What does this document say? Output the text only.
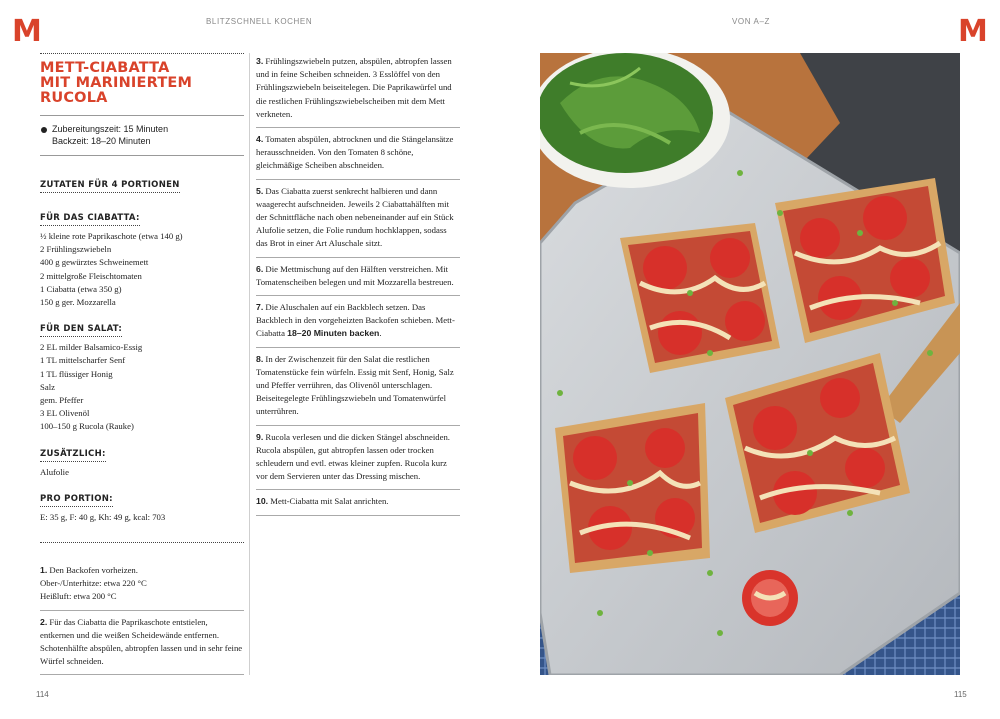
M	BLITZSCHNELL KOCHEN
METT-CIABATTA
MIT MARINIERTEM RUCOLA
Zubereitungszeit: 15 Minuten
Backzeit: 18–20 Minuten
ZUTATEN FÜR 4 PORTIONEN
FÜR DAS CIABATTA:
½ kleine rote Paprikaschote (etwa 140 g)
2 Frühlingszwiebeln
400 g gewürztes Schweinemett
2 mittelgroße Fleischtomaten
1 Ciabatta (etwa 350 g)
150 g ger. Mozzarella
FÜR DEN SALAT:
2 EL milder Balsamico-Essig
1 TL mittelscharfer Senf
1 TL flüssiger Honig
Salz
gem. Pfeffer
3 EL Olivenöl
100–150 g Rucola (Rauke)
ZUSÄTZLICH:
Alufolie
PRO PORTION:
E: 35 g, F: 40 g, Kh: 49 g, kcal: 703
1. Den Backofen vorheizen.
Ober-/Unterhitze: etwa 220 °C
Heißluft: etwa 200 °C
2. Für das Ciabatta die Paprikaschote entstielen, entkernen und die weißen Scheidewände entfernen. Schotenhälfte abspülen, abtropfen lassen und in sehr feine Würfel schneiden.
3. Frühlingszwiebeln putzen, abspülen, abtropfen lassen und in feine Scheiben schneiden. 3 Esslöffel von den Frühlingszwiebeln beiseitelegen. Die Paprikawürfel und die restlichen Frühlingszwiebelscheiben mit dem Mett verkneten.
4. Tomaten abspülen, abtrocknen und die Stängelansätze herausschneiden. Von den Tomaten 8 schöne, gleichmäßige Scheiben abschneiden.
5. Das Ciabatta zuerst senkrecht halbieren und dann waagerecht aufschneiden. Jeweils 2 Ciabattahälften mit der Schnittfläche nach oben nebeneinander auf ein Stück Alufolie setzen, die Folie rundum hochklappen, sodass das Brot in einer Art Aluschale sitzt.
6. Die Mettmischung auf den Hälften verstreichen. Mit Tomatenscheiben belegen und mit Mozzarella bestreuen.
7. Die Aluschalen auf ein Backblech setzen. Das Backblech in den vorgeheizten Backofen schieben. Mett-Ciabatta 18–20 Minuten backen.
8. In der Zwischenzeit für den Salat die restlichen Tomatenstücke fein würfeln. Essig mit Senf, Honig, Salz und Pfeffer verrühren, das Olivenöl unterschlagen. Beiseitegelegte Frühlingszwiebeln und Tomatenwürfel unterrühren.
9. Rucola verlesen und die dicken Stängel abschneiden. Rucola abspülen, gut abtropfen lassen oder trocken schleudern und evtl. etwas kleiner zupfen. Rucola kurz vor dem Servieren unter das Dressing mischen.
10. Mett-Ciabatta mit Salat anrichten.
114
VON A–Z	M
115
